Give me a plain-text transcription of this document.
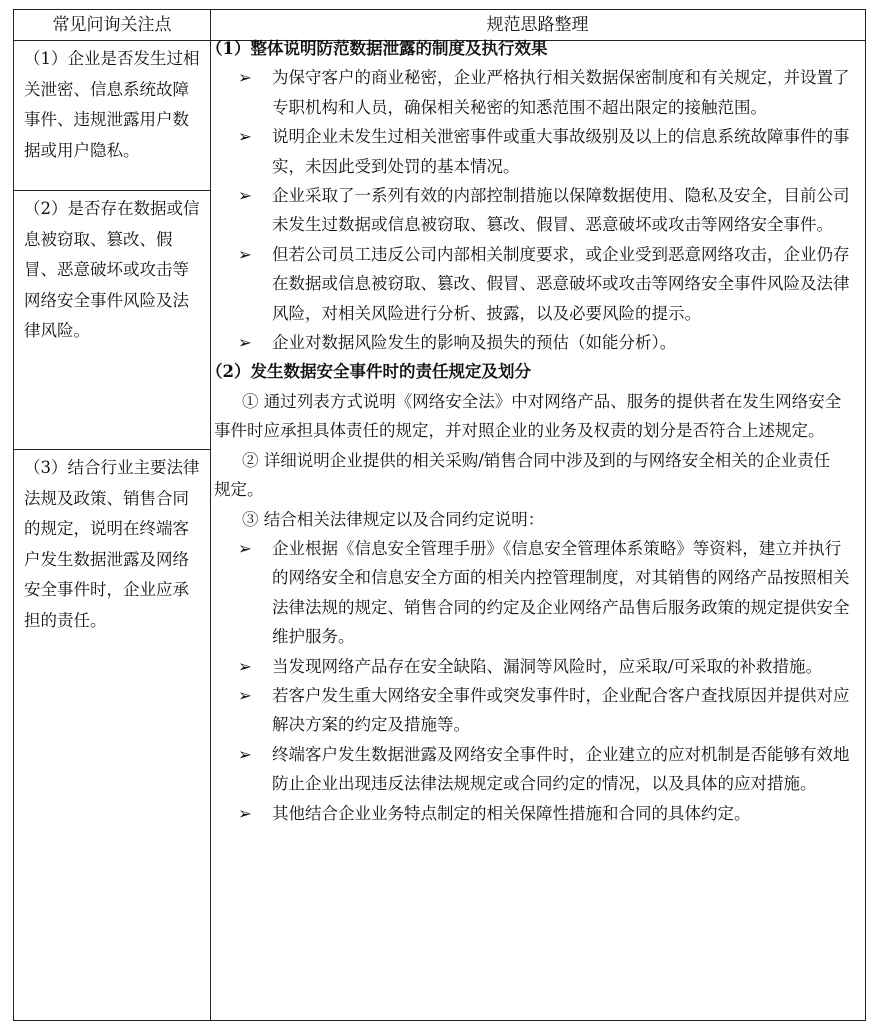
常见问询关注点	规范思路整理
（1）企业是否发生过相关泄密、信息系统故障事件、违规泄露用户数据或用户隐私。
（2）是否存在数据或信息被窃取、篡改、假冒、恶意破坏或攻击等网络安全事件风险及法律风险。
（3）结合行业主要法律法规及政策、销售合同的规定，说明在终端客户发生数据泄露及网络安全事件时，企业应承担的责任。
（1）整体说明防范数据泄露的制度及执行效果
➢ 为保守客户的商业秘密，企业严格执行相关数据保密制度和有关规定，并设置了专职机构和人员，确保相关秘密的知悉范围不超出限定的接触范围。
➢ 说明企业未发生过相关泄密事件或重大事故级别及以上的信息系统故障事件的事实，未因此受到处罚的基本情况。
➢ 企业采取了一系列有效的内部控制措施以保障数据使用、隐私及安全，目前公司未发生过数据或信息被窃取、篡改、假冒、恶意破坏或攻击等网络安全事件。
➢ 但若公司员工违反公司内部相关制度要求，或企业受到恶意网络攻击，企业仍存在数据或信息被窃取、篡改、假冒、恶意破坏或攻击等网络安全事件风险及法律风险，对相关风险进行分析、披露，以及必要风险的提示。
➢ 企业对数据风险发生的影响及损失的预估（如能分析）。
（2）发生数据安全事件时的责任规定及划分
① 通过列表方式说明《网络安全法》中对网络产品、服务的提供者在发生网络安全事件时应承担具体责任的规定，并对照企业的业务及权责的划分是否符合上述规定。
② 详细说明企业提供的相关采购/销售合同中涉及到的与网络安全相关的企业责任规定。
③ 结合相关法律规定以及合同约定说明：
➢ 企业根据《信息安全管理手册》《信息安全管理体系策略》等资料，建立并执行的网络安全和信息安全方面的相关内控管理制度，对其销售的网络产品按照相关法律法规的规定、销售合同的约定及企业网络产品售后服务政策的规定提供安全维护服务。
➢ 当发现网络产品存在安全缺陷、漏洞等风险时，应采取/可采取的补救措施。
➢ 若客户发生重大网络安全事件或突发事件时，企业配合客户查找原因并提供对应解决方案的约定及措施等。
➢ 终端客户发生数据泄露及网络安全事件时，企业建立的应对机制是否能够有效地防止企业出现违反法律法规规定或合同约定的情况，以及具体的应对措施。
➢ 其他结合企业业务特点制定的相关保障性措施和合同的具体约定。
